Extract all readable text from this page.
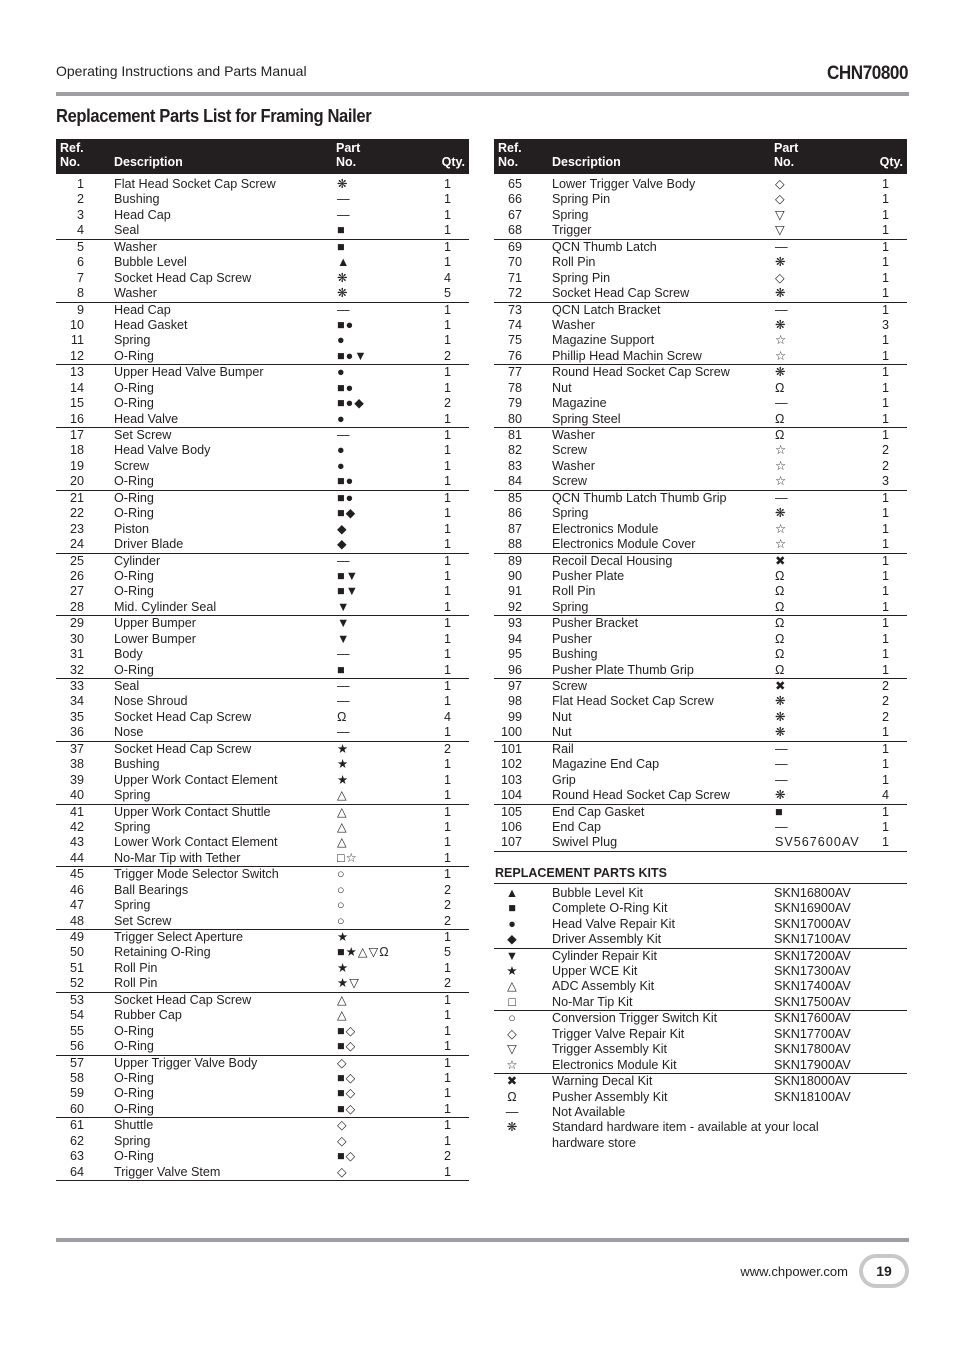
Operating Instructions and Parts Manual	CHN70800
Replacement Parts List for Framing Nailer
Ref.
No.	Description
Part
No.	Qty.
1 Flat Head Socket Cap Screw	❋	1
2 Bushing	—	1
3 Head Cap	—	1
4 Seal	■	1
5 Washer	■	1
6 Bubble Level	▲	1
7 Socket Head Cap Screw	❋	4
8 Washer	❋	5
9 Head Cap	—	1
10 Head Gasket	■●	1
11 Spring	●	1
12 O-Ring	■●▼	2
13 Upper Head Valve Bumper	●	1
14 O-Ring	■●	1
15 O-Ring	■●◆	2
16 Head Valve	●	1
17 Set Screw	—	1
18 Head Valve Body	●	1
19 Screw	●	1
20 O-Ring	■●	1
21 O-Ring	■●	1
22 O-Ring	■◆	1
23 Piston	◆	1
24 Driver Blade	◆	1
25 Cylinder	—	1
26 O-Ring	■▼	1
27 O-Ring	■▼	1
28 Mid. Cylinder Seal	▼	1
29 Upper Bumper	▼	1
30 Lower Bumper	▼	1
31 Body	—	1
32 O-Ring	■	1
33 Seal	—	1
34 Nose Shroud	—	1
35 Socket Head Cap Screw	Ω	4
36 Nose	—	1
37 Socket Head Cap Screw	★	2
38 Bushing	★	1
39 Upper Work Contact Element	★	1
40 Spring	△	1
41 Upper Work Contact Shuttle	△	1
42 Spring	△	1
43 Lower Work Contact Element	△	1
44 No-Mar Tip with Tether	□☆	1
45 Trigger Mode Selector Switch	○	1
46 Ball Bearings	○	2
47 Spring	○	2
48 Set Screw	○	2
49 Trigger Select Aperture	★	1
50 Retaining O-Ring	■★△▽Ω	5
51 Roll Pin	★	1
52 Roll Pin	★▽	2
53 Socket Head Cap Screw	△	1
54 Rubber Cap	△	1
55 O-Ring	■◇	1
56 O-Ring	■◇	1
57 Upper Trigger Valve Body	◇	1
58 O-Ring	■◇	1
59 O-Ring	■◇	1
60 O-Ring	■◇	1
61 Shuttle	◇	1
62 Spring	◇	1
63 O-Ring	■◇	2
64 Trigger Valve Stem	◇	1
Ref.
No.	Description
Part
No.	Qty.
65 Lower Trigger Valve Body	◇	1
66 Spring Pin	◇	1
67 Spring	▽	1
68 Trigger	▽	1
69 QCN Thumb Latch	—	1
70 Roll Pin	❋	1
71 Spring Pin	◇	1
72 Socket Head Cap Screw	❋	1
73 QCN Latch Bracket	—	1
74 Washer	❋	3
75 Magazine Support	☆	1
76 Phillip Head Machin Screw	☆	1
77 Round Head Socket Cap Screw	❋	1
78 Nut	Ω	1
79 Magazine	—	1
80 Spring Steel	Ω	1
81 Washer	Ω	1
82 Screw	☆	2
83 Washer	☆	2
84 Screw	☆	3
85 QCN Thumb Latch Thumb Grip	—	1
86 Spring	❋	1
87 Electronics Module	☆	1
88 Electronics Module Cover	☆	1
89 Recoil Decal Housing	✖	1
90 Pusher Plate	Ω	1
91 Roll Pin	Ω	1
92 Spring	Ω	1
93 Pusher Bracket	Ω	1
94 Pusher	Ω	1
95 Bushing	Ω	1
96 Pusher Plate Thumb Grip	Ω	1
97 Screw	✖	2
98 Flat Head Socket Cap Screw	❋	2
99 Nut	❋	2
100 Nut	❋	1
101 Rail	—	1
102 Magazine End Cap	—	1
103 Grip	—	1
104 Round Head Socket Cap Screw	❋	4
105 End Cap Gasket	■	1
106 End Cap	—	1
107 Swivel Plug	SV567600AV	1
REPLACEMENT PARTS KITS
▲	Bubble Level Kit	SKN16800AV
■	Complete O-Ring Kit	SKN16900AV
●	Head Valve Repair Kit	SKN17000AV
◆	Driver Assembly Kit	SKN17100AV
▼	Cylinder Repair Kit	SKN17200AV
★	Upper WCE Kit	SKN17300AV
△	ADC Assembly Kit	SKN17400AV
□	No-Mar Tip Kit	SKN17500AV
○	Conversion Trigger Switch Kit	SKN17600AV
◇	Trigger Valve Repair Kit	SKN17700AV
▽	Trigger Assembly Kit	SKN17800AV
☆	Electronics Module Kit	SKN17900AV
✖	Warning Decal Kit	SKN18000AV
Ω	Pusher Assembly Kit	SKN18100AV
—	Not Available
❋	Standard hardware item - available at your local hardware store
www.chpower.com	19
